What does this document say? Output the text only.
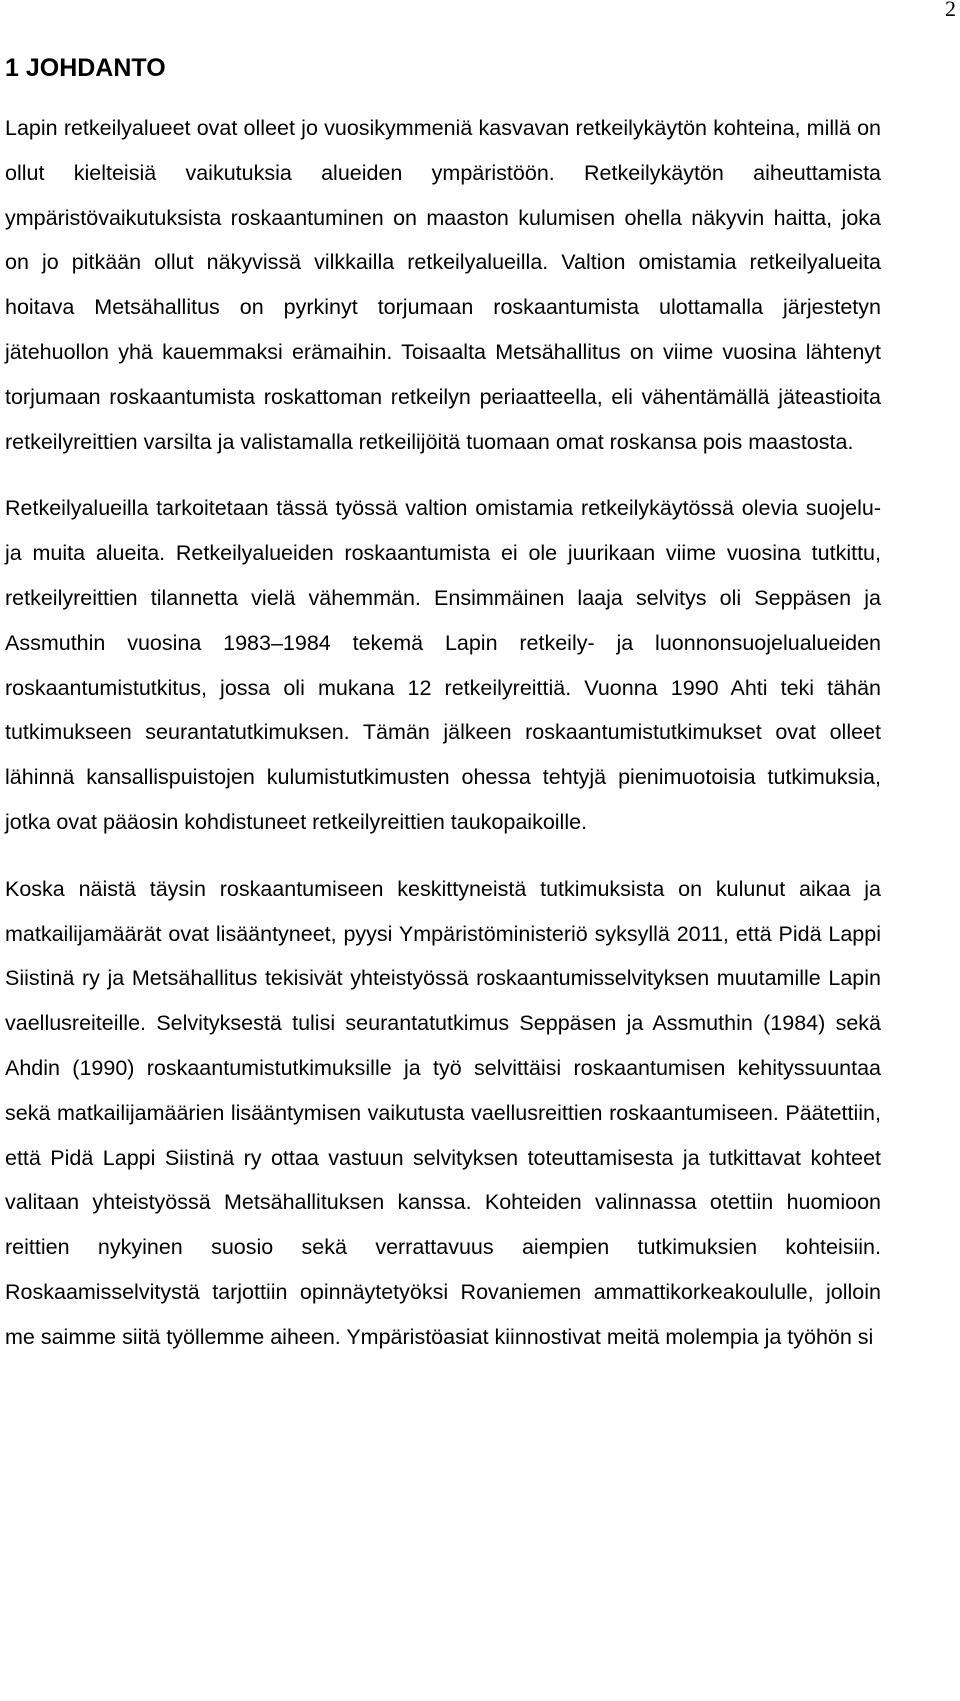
2
1 JOHDANTO

Lapin retkeilyalueet ovat olleet jo vuosikymmeniä kasvavan retkeilykäytön kohteina, millä on ollut kielteisiä vaikutuksia alueiden ympäristöön. Retkeilykäytön aiheuttamista ympäristövaikutuksista roskaantuminen on maaston kulumisen ohella näkyvin haitta, joka on jo pitkään ollut näkyvissä vilkkailla retkeilyalueilla. Valtion omistamia retkeilyalueita hoitava Metsähallitus on pyrkinyt torjumaan roskaantumista ulottamalla järjestetyn jätehuollon yhä kauemmaksi erämaihin. Toisaalta Metsähallitus on viime vuosina lähtenyt torjumaan roskaantumista roskattoman retkeilyn periaatteella, eli vähentämällä jäteastioita retkeilyreittien varsilta ja valistamalla retkeilijöitä tuomaan omat roskansa pois maastosta.

Retkeilyalueilla tarkoitetaan tässä työssä valtion omistamia retkeilykäytössä olevia suojelu- ja muita alueita. Retkeilyalueiden roskaantumista ei ole juurikaan viime vuosina tutkittu, retkeilyreittien tilannetta vielä vähemmän. Ensimmäinen laaja selvitys oli Seppäsen ja Assmuthin vuosina 1983–1984 tekemä Lapin retkeily- ja luonnonsuojelualueiden roskaantumistutkitus, jossa oli mukana 12 retkeilyreittiä. Vuonna 1990 Ahti teki tähän tutkimukseen seurantatutkimuksen. Tämän jälkeen roskaantumistutkimukset ovat olleet lähinnä kansallispuistojen kulumistutkimusten ohessa tehtyjä pienimuotoisia tutkimuksia, jotka ovat pääosin kohdistuneet retkeilyreittien taukopaikoille.

Koska näistä täysin roskaantumiseen keskittyneistä tutkimuksista on kulunut aikaa ja matkailijamäärät ovat lisääntyneet, pyysi Ympäristöministeriö syksyllä 2011, että Pidä Lappi Siistinä ry ja Metsähallitus tekisivät yhteistyössä roskaantumisselvityksen muutamille Lapin vaellusreiteille. Selvityksestä tulisi seurantatutkimus Seppäsen ja Assmuthin (1984) sekä Ahdin (1990) roskaantumistutkimuksille ja työ selvittäisi roskaantumisen kehityssuuntaa sekä matkailijamäärien lisääntymisen vaikutusta vaellusreittien roskaantumiseen. Päätettiin, että Pidä Lappi Siistinä ry ottaa vastuun selvityksen toteuttamisesta ja tutkittavat kohteet valitaan yhteistyössä Metsähallituksen kanssa. Kohteiden valinnassa otettiin huomioon reittien nykyinen suosio sekä verrattavuus aiempien tutkimuksien kohteisiin. Roskaamisselvitystä tarjottiin opinnäytetyöksi Rovaniemen ammattikorkeakoululle, jolloin me saimme siitä työllemme aiheen. Ympäristöasiat kiinnostivat meitä molempia ja työhön si
